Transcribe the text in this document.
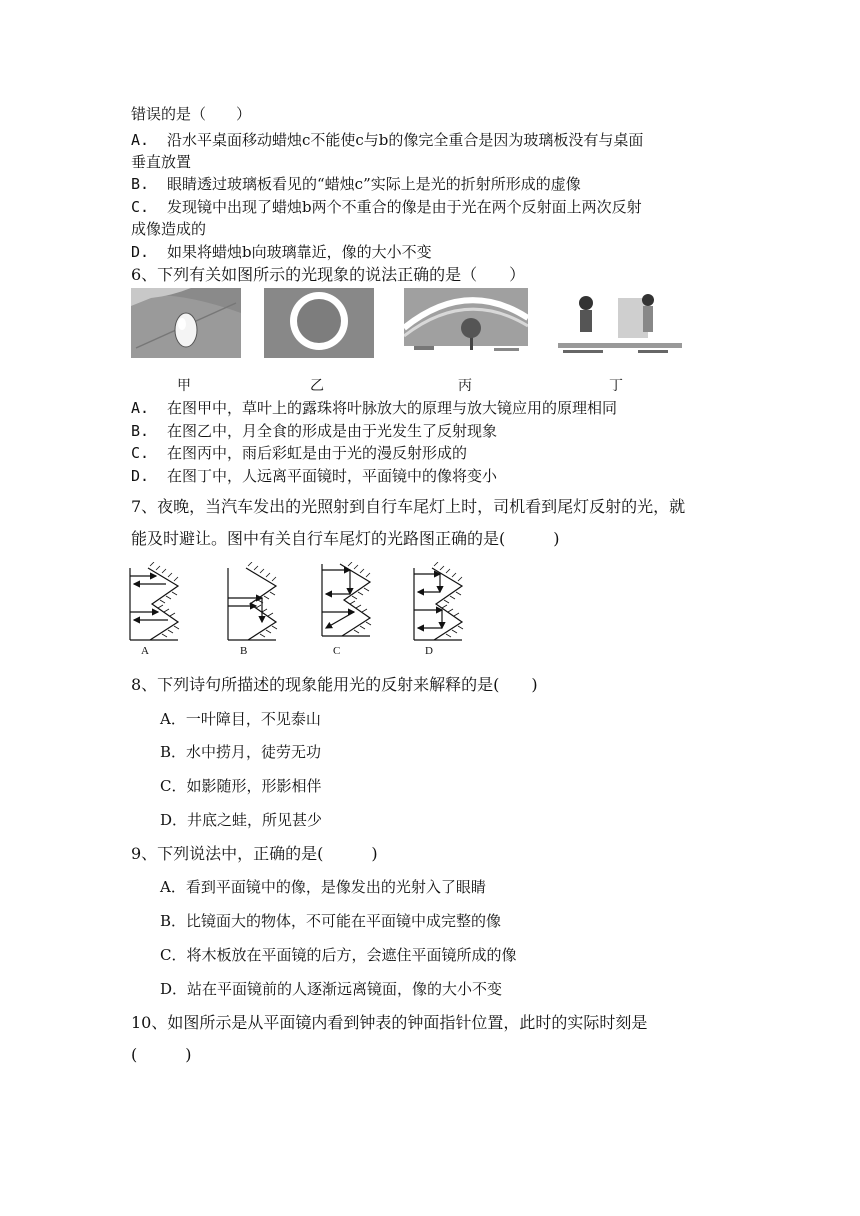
错误的是（　　）
A. 沿水平桌面移动蜡烛c不能使c与b的像完全重合是因为玻璃板没有与桌面
垂直放置
B. 眼睛透过玻璃板看见的“蜡烛c”实际上是光的折射所形成的虚像
C. 发现镜中出现了蜡烛b两个不重合的像是由于光在两个反射面上两次反射
成像造成的
D. 如果将蜡烛b向玻璃靠近，像的大小不变
6、下列有关如图所示的光现象的说法正确的是（　　）
甲	乙	丙	丁
A. 在图甲中，草叶上的露珠将叶脉放大的原理与放大镜应用的原理相同
B. 在图乙中，月全食的形成是由于光发生了反射现象
C. 在图丙中，雨后彩虹是由于光的漫反射形成的
D. 在图丁中，人远离平面镜时，平面镜中的像将变小
7、夜晚，当汽车发出的光照射到自行车尾灯上时，司机看到尾灯反射的光，就
能及时避让。图中有关自行车尾灯的光路图正确的是(　　　)
A	B	C	D
8、下列诗句所描述的现象能用光的反射来解释的是(　　)
A．一叶障目，不见泰山
B．水中捞月，徒劳无功
C．如影随形，形影相伴
D．井底之蛙，所见甚少
9、下列说法中，正确的是(　　　)
A．看到平面镜中的像，是像发出的光射入了眼睛
B．比镜面大的物体，不可能在平面镜中成完整的像
C．将木板放在平面镜的后方，会遮住平面镜所成的像
D．站在平面镜前的人逐渐远离镜面，像的大小不变
10、如图所示是从平面镜内看到钟表的钟面指针位置，此时的实际时刻是
(　　　)
